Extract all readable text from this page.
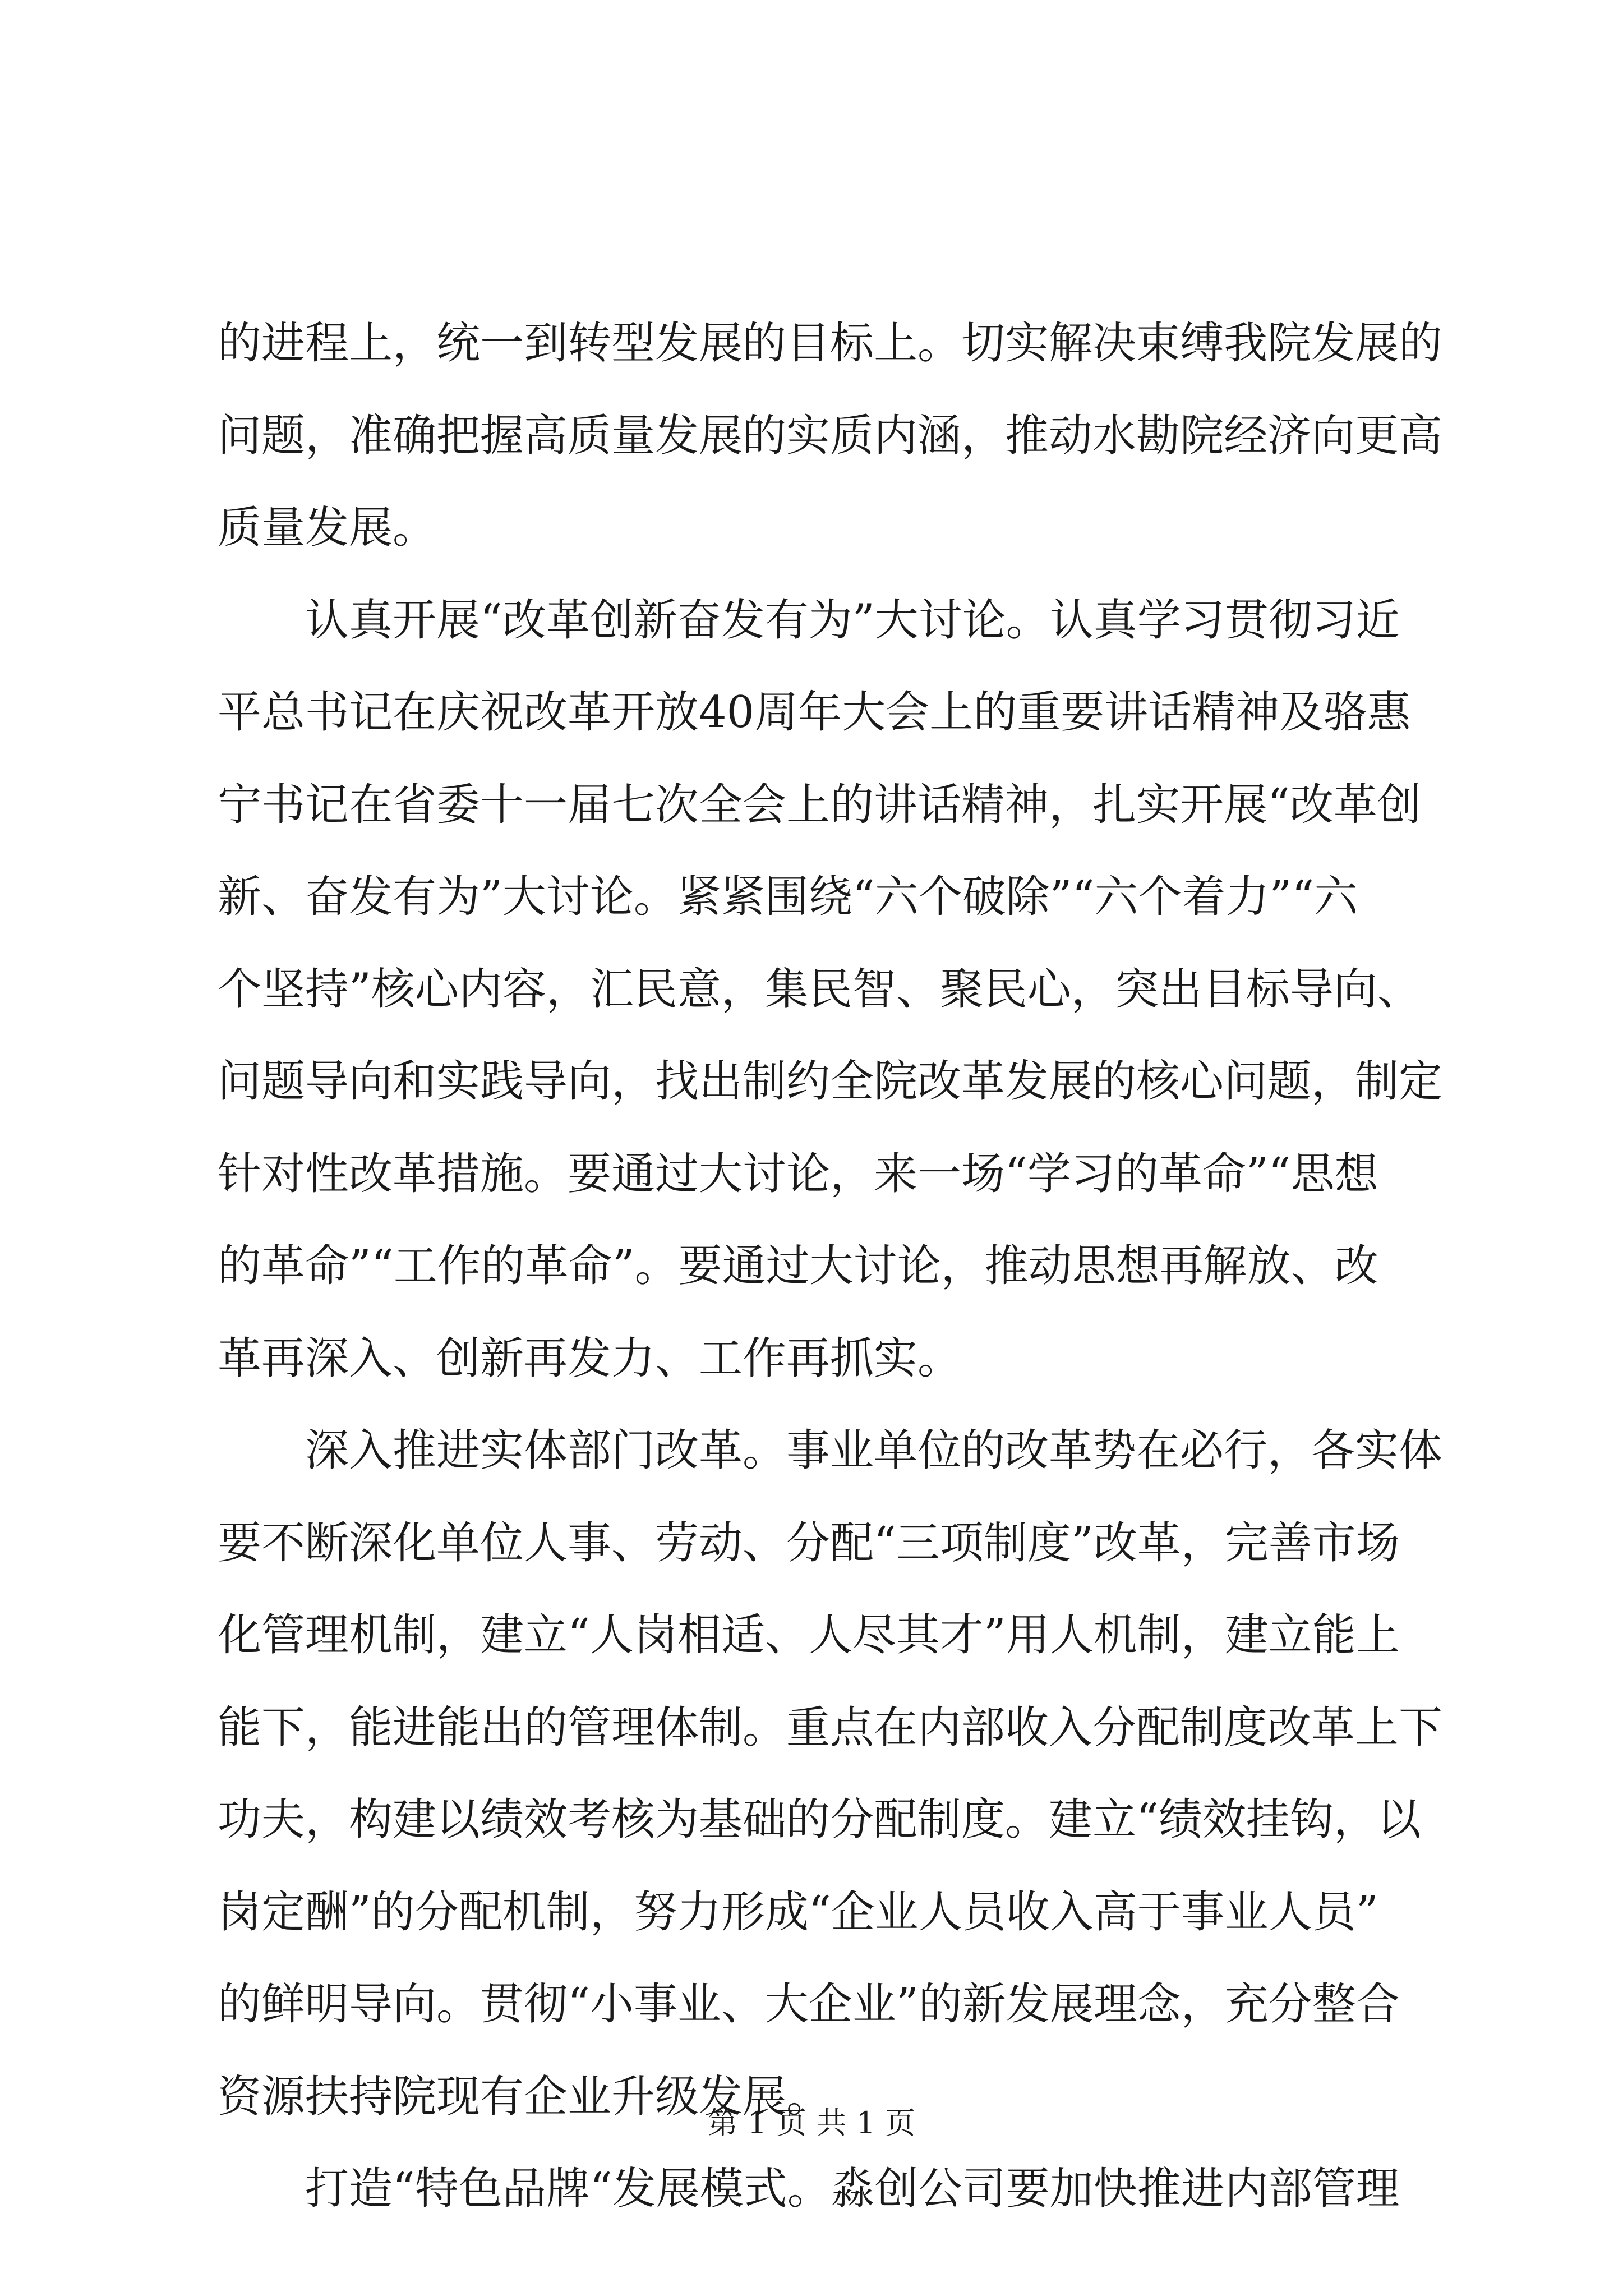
的进程上，统一到转型发展的目标上。切实解决束缚我院发展的
问题，准确把握高质量发展的实质内涵，推动水勘院经济向更高
质量发展。
　　认真开展“改革创新奋发有为”大讨论。认真学习贯彻习近
平总书记在庆祝改革开放40周年大会上的重要讲话精神及骆惠
宁书记在省委十一届七次全会上的讲话精神，扎实开展“改革创
新、奋发有为”大讨论。紧紧围绕“六个破除”“六个着力”“六
个坚持”核心内容，汇民意，集民智、聚民心，突出目标导向、
问题导向和实践导向，找出制约全院改革发展的核心问题，制定
针对性改革措施。要通过大讨论，来一场“学习的革命”“思想
的革命”“工作的革命”。要通过大讨论，推动思想再解放、改
革再深入、创新再发力、工作再抓实。
　　深入推进实体部门改革。事业单位的改革势在必行，各实体
要不断深化单位人事、劳动、分配“三项制度”改革，完善市场
化管理机制，建立“人岗相适、人尽其才”用人机制，建立能上
能下，能进能出的管理体制。重点在内部收入分配制度改革上下
功夫，构建以绩效考核为基础的分配制度。建立“绩效挂钩，以
岗定酬”的分配机制，努力形成“企业人员收入高于事业人员”
的鲜明导向。贯彻“小事业、大企业”的新发展理念，充分整合
资源扶持院现有企业升级发展。
　　打造“特色品牌“发展模式。淼创公司要加快推进内部管理
第 1 页 共 1 页
